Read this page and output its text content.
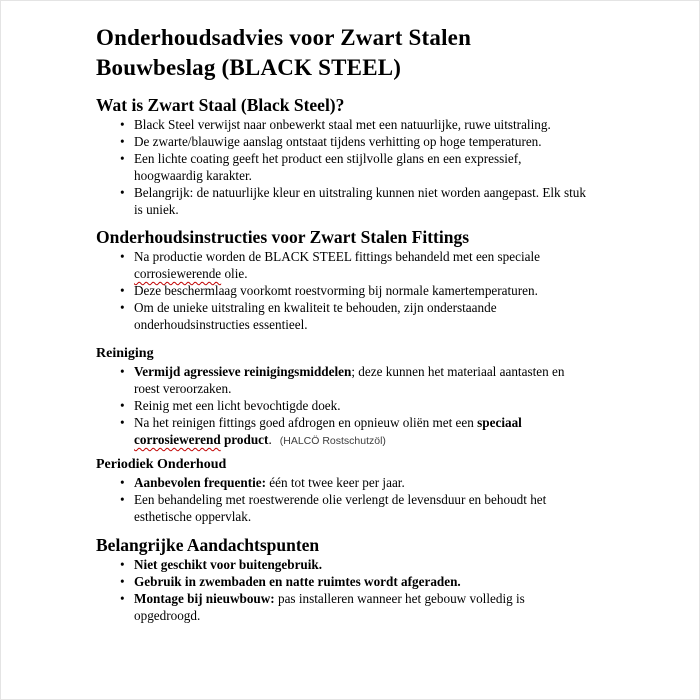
Onderhoudsadvies voor Zwart Stalen
Bouwbeslag (BLACK STEEL)
Wat is Zwart Staal (Black Steel)?
• Black Steel verwijst naar onbewerkt staal met een natuurlijke, ruwe uitstraling.
• De zwarte/blauwige aanslag ontstaat tijdens verhitting op hoge temperaturen.
• Een lichte coating geeft het product een stijlvolle glans en een expressief,
hoogwaardig karakter.
• Belangrijk: de natuurlijke kleur en uitstraling kunnen niet worden aangepast. Elk stuk
is uniek.
Onderhoudsinstructies voor Zwart Stalen Fittings
• Na productie worden de BLACK STEEL fittings behandeld met een speciale
corrosiewerende olie.
• Deze beschermlaag voorkomt roestvorming bij normale kamertemperaturen.
• Om de unieke uitstraling en kwaliteit te behouden, zijn onderstaande
onderhoudsinstructies essentieel.
Reiniging
• Vermijd agressieve reinigingsmiddelen; deze kunnen het materiaal aantasten en
roest veroorzaken.
• Reinig met een licht bevochtigde doek.
• Na het reinigen fittings goed afdrogen en opnieuw oliën met een speciaal
corrosiewerend product. (HALCÖ Rostschutzöl)
Periodiek Onderhoud
• Aanbevolen frequentie: één tot twee keer per jaar.
• Een behandeling met roestwerende olie verlengt de levensduur en behoudt het
esthetische oppervlak.
Belangrijke Aandachtspunten
• Niet geschikt voor buitengebruik.
• Gebruik in zwembaden en natte ruimtes wordt afgeraden.
• Montage bij nieuwbouw: pas installeren wanneer het gebouw volledig is
opgedroogd.
